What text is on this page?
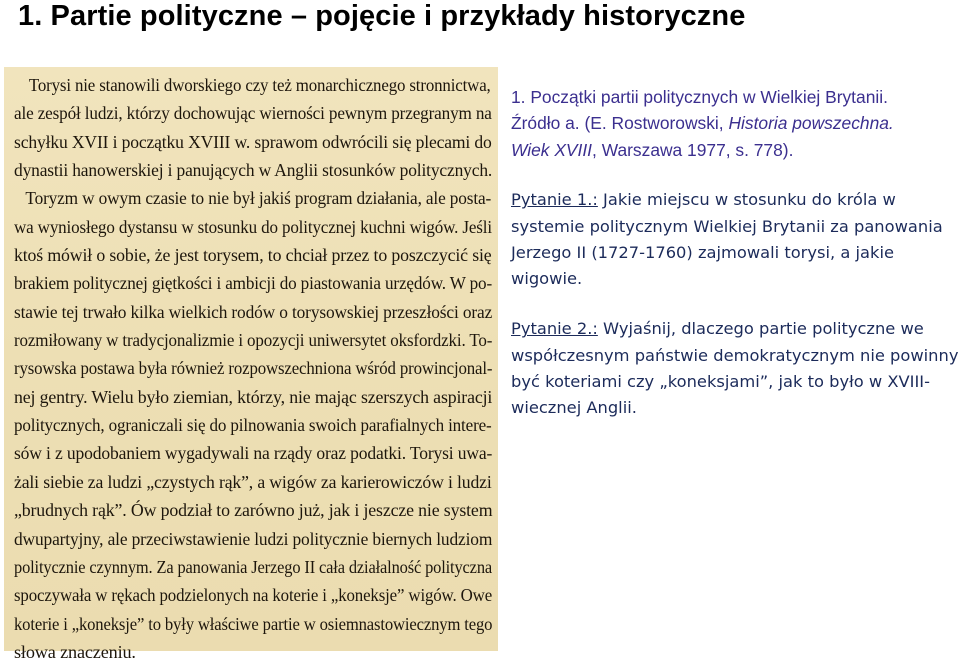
1. Partie polityczne – pojęcie i przykłady historyczne
Torysi nie stanowili dworskiego czy też monarchicznego stronnictwa,
ale zespół ludzi, którzy dochowując wierności pewnym przegranym na
schyłku XVII i początku XVIII w. sprawom odwrócili się plecami do
dynastii hanowerskiej i panujących w Anglii stosunków politycznych.
Toryzm w owym czasie to nie był jakiś program działania, ale posta-
wa wyniosłego dystansu w stosunku do politycznej kuchni wigów. Jeśli
ktoś mówił o sobie, że jest torysem, to chciał przez to poszczycić się
brakiem politycznej giętkości i ambicji do piastowania urzędów. W po-
stawie tej trwało kilka wielkich rodów o torysowskiej przeszłości oraz
rozmiłowany w tradycjonalizmie i opozycji uniwersytet oksfordzki. To-
rysowska postawa była również rozpowszechniona wśród prowincjonal-
nej gentry. Wielu było ziemian, którzy, nie mając szerszych aspiracji
politycznych, ograniczali się do pilnowania swoich parafialnych intere-
sów i z upodobaniem wygadywali na rządy oraz podatki. Torysi uwa-
żali siebie za ludzi „czystych rąk”, a wigów za karierowiczów i ludzi
„brudnych rąk”. Ów podział to zarówno już, jak i jeszcze nie system
dwupartyjny, ale przeciwstawienie ludzi politycznie biernych ludziom
politycznie czynnym. Za panowania Jerzego II cała działalność polityczna
spoczywała w rękach podzielonych na koterie i „koneksje” wigów. Owe
koterie i „koneksje” to były właściwe partie w osiemnastowiecznym tego
słowa znaczeniu.
1. Początki partii politycznych w Wielkiej Brytanii.
Źródło a. (E. Rostworowski, Historia powszechna.
Wiek XVIII, Warszawa 1977, s. 778).
Pytanie 1.: Jakie miejscu w stosunku do króla w systemie politycznym Wielkiej Brytanii za panowania Jerzego II (1727-1760) zajmowali torysi, a jakie wigowie.
Pytanie 2.: Wyjaśnij, dlaczego partie polityczne we współczesnym państwie demokratycznym nie powinny być koteriami czy „koneksjami”, jak to było w XVIII-wiecznej Anglii.
